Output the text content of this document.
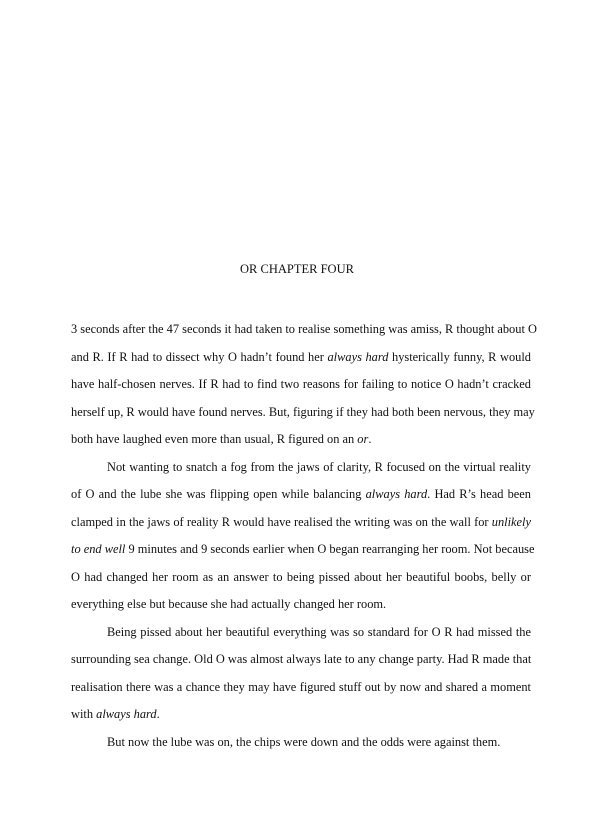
OR CHAPTER FOUR

3 seconds after the 47 seconds it had taken to realise something was amiss, R thought about O
and R. If R had to dissect why O hadn’t found her always hard hysterically funny, R would
have half-chosen nerves. If R had to find two reasons for failing to notice O hadn’t cracked
herself up, R would have found nerves. But, figuring if they had both been nervous, they may
both have laughed even more than usual, R figured on an or.

Not wanting to snatch a fog from the jaws of clarity, R focused on the virtual reality
of O and the lube she was flipping open while balancing always hard. Had R’s head been
clamped in the jaws of reality R would have realised the writing was on the wall for unlikely
to end well 9 minutes and 9 seconds earlier when O began rearranging her room. Not because
O had changed her room as an answer to being pissed about her beautiful boobs, belly or
everything else but because she had actually changed her room.

Being pissed about her beautiful everything was so standard for O R had missed the
surrounding sea change. Old O was almost always late to any change party. Had R made that
realisation there was a chance they may have figured stuff out by now and shared a moment
with always hard.

But now the lube was on, the chips were down and the odds were against them.
